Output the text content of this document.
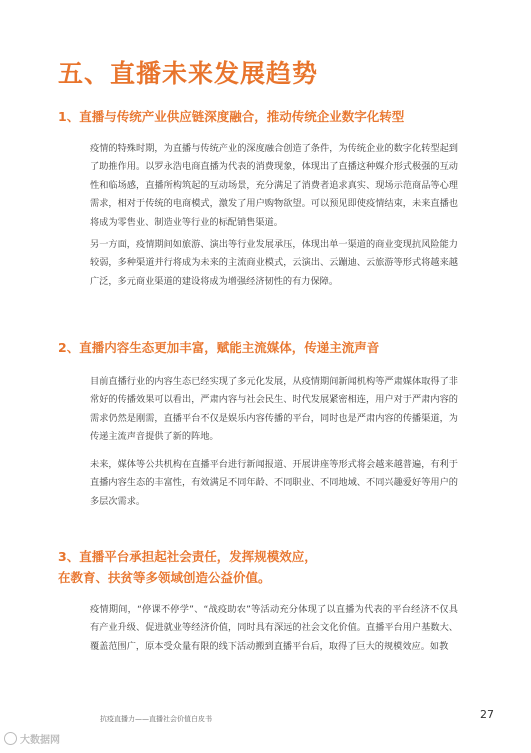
五、直播未来发展趋势
1、直播与传统产业供应链深度融合，推动传统企业数字化转型
疫情的特殊时期，为直播与传统产业的深度融合创造了条件，为传统企业的数字化转型起到了助推作用。以罗永浩电商直播为代表的消费现象，体现出了直播这种媒介形式极强的互动性和临场感，直播所构筑起的互动场景，充分满足了消费者追求真实、现场示范商品等心理需求，相对于传统的电商模式，激发了用户购物欲望。可以预见即使疫情结束，未来直播也将成为零售业、制造业等行业的标配销售渠道。
另一方面，疫情期间如旅游、演出等行业发展承压，体现出单一渠道的商业变现抗风险能力较弱，多种渠道并行将成为未来的主流商业模式，云演出、云蹦迪、云旅游等形式将越来越广泛，多元商业渠道的建设将成为增强经济韧性的有力保障。
2、直播内容生态更加丰富，赋能主流媒体，传递主流声音
目前直播行业的内容生态已经实现了多元化发展，从疫情期间新闻机构等严肃媒体取得了非常好的传播效果可以看出，严肃内容与社会民生、时代发展紧密相连，用户对于严肃内容的需求仍然是刚需，直播平台不仅是娱乐内容传播的平台，同时也是严肃内容的传播渠道，为传递主流声音提供了新的阵地。
未来，媒体等公共机构在直播平台进行新闻报道、开展讲座等形式将会越来越普遍，有利于直播内容生态的丰富性，有效满足不同年龄、不同职业、不同地域、不同兴趣爱好等用户的多层次需求。
3、直播平台承担起社会责任，发挥规模效应，在教育、扶贫等多领域创造公益价值。
疫情期间，“停课不停学”、“战疫助农”等活动充分体现了以直播为代表的平台经济不仅具有产业升级、促进就业等经济价值，同时具有深远的社会文化价值。直播平台用户基数大、覆盖范围广，原本受众量有限的线下活动搬到直播平台后，取得了巨大的规模效应。如教
抗疫直播力——直播社会价值白皮书	27
大数据网
